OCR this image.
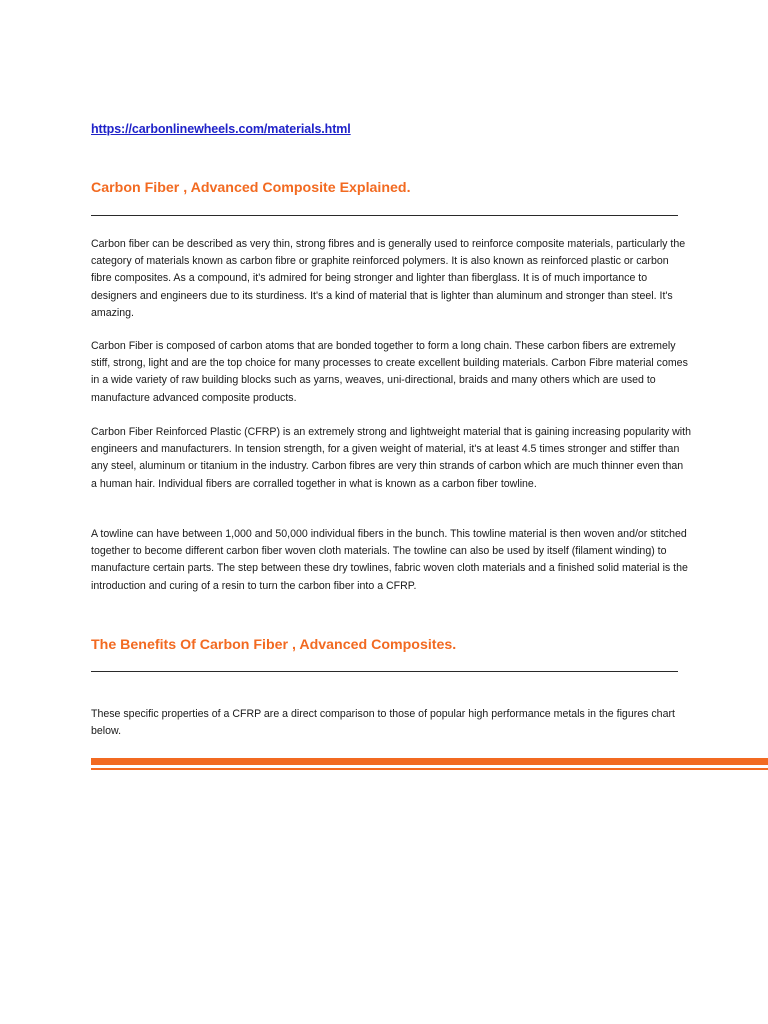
https://carbonlinewheels.com/materials.html
Carbon Fiber , Advanced Composite Explained.

Carbon fiber can be described as very thin, strong fibres and is generally used to reinforce composite materials, particularly the category of materials known as carbon fibre or graphite reinforced polymers. It is also known as reinforced plastic or carbon fibre composites. As a compound, it's admired for being stronger and lighter than fiberglass. It is of much importance to designers and engineers due to its sturdiness. It's a kind of material that is lighter than aluminum and stronger than steel. It's amazing.

Carbon Fiber is composed of carbon atoms that are bonded together to form a long chain. These carbon fibers are extremely stiff, strong, light and are the top choice for many processes to create excellent building materials. Carbon Fibre material comes in a wide variety of raw building blocks such as yarns, weaves, uni-directional, braids and many others which are used to manufacture advanced composite products.

Carbon Fiber Reinforced Plastic (CFRP) is an extremely strong and lightweight material that is gaining increasing popularity with engineers and manufacturers. In tension strength, for a given weight of material, it's at least 4.5 times stronger and stiffer than any steel, aluminum or titanium in the industry. Carbon fibres are very thin strands of carbon which are much thinner even than a human hair. Individual fibers are corralled together in what is known as a carbon fiber towline.

A towline can have between 1,000 and 50,000 individual fibers in the bunch. This towline material is then woven and/or stitched together to become different carbon fiber woven cloth materials. The towline can also be used by itself (filament winding) to manufacture certain parts. The step between these dry towlines, fabric woven cloth materials and a finished solid material is the introduction and curing of a resin to turn the carbon fiber into a CFRP.

The Benefits Of Carbon Fiber , Advanced Composites.

These specific properties of a CFRP are a direct comparison to those of popular high performance metals in the figures chart below.
